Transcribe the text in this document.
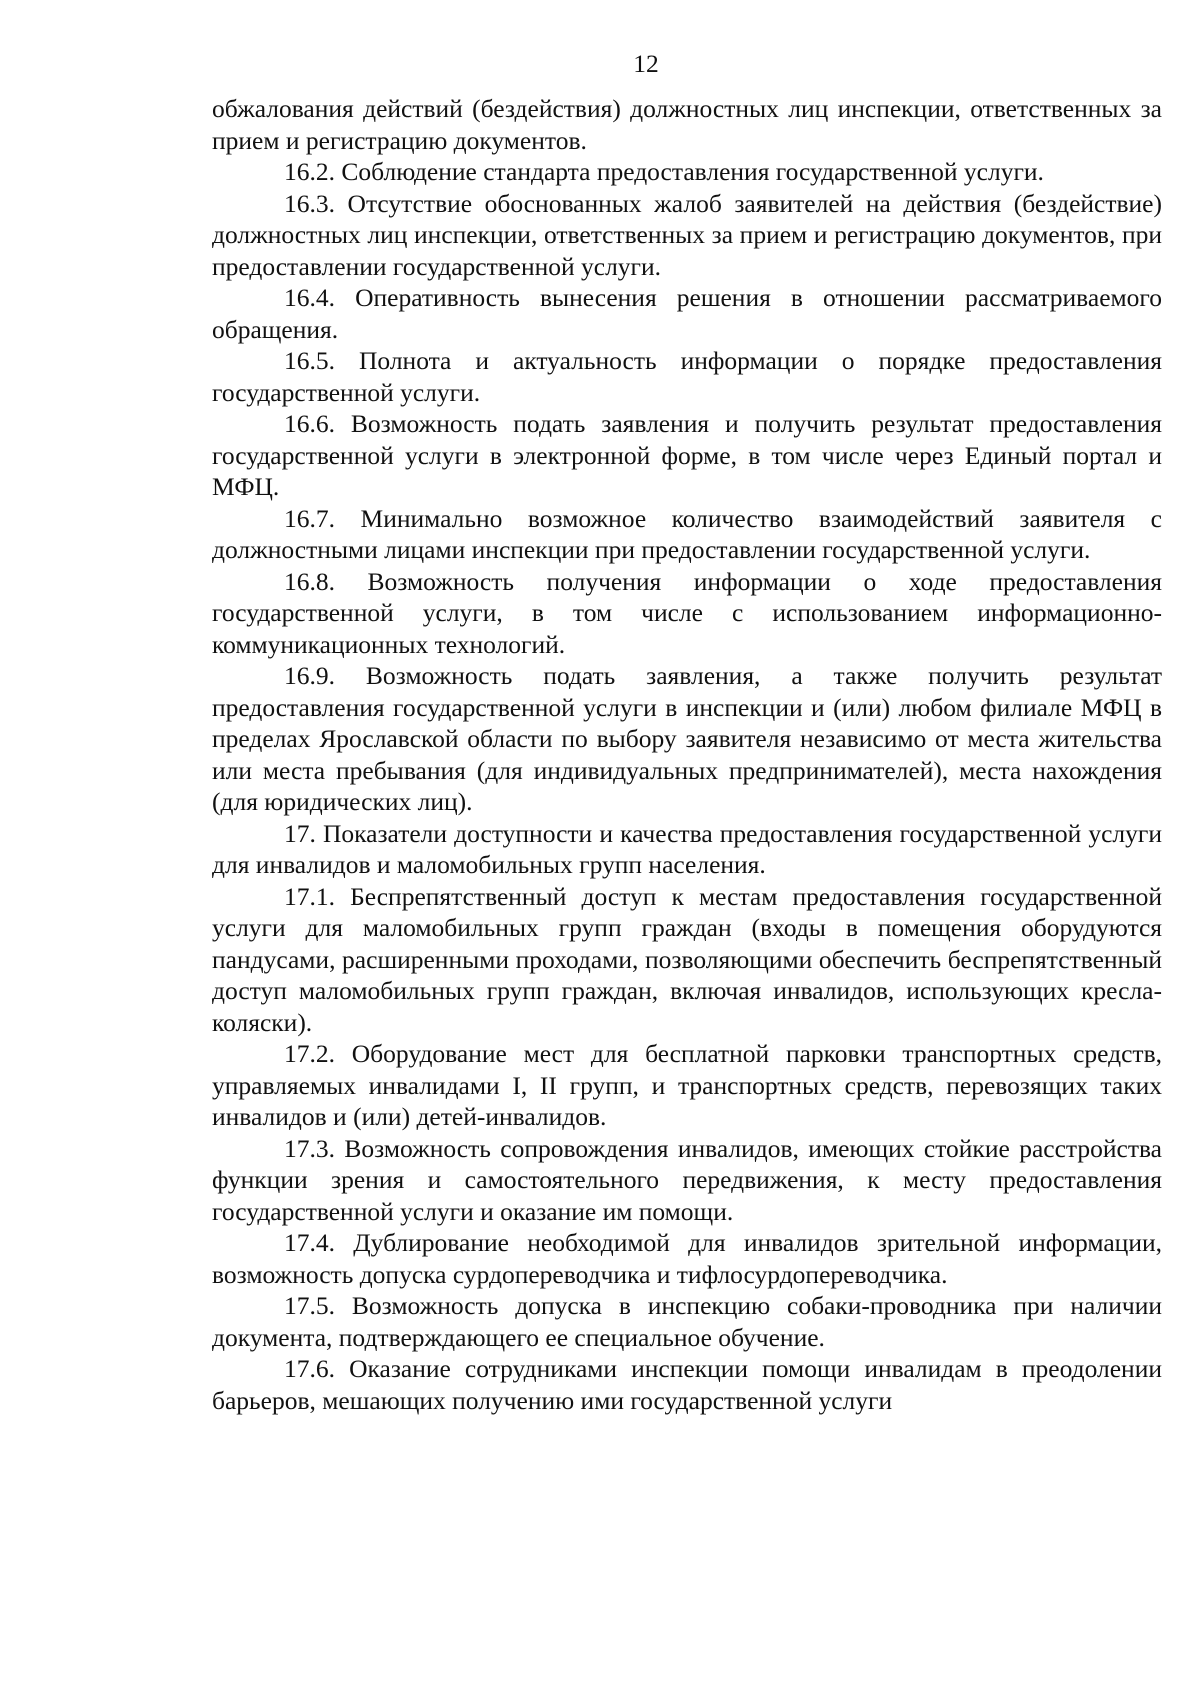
12

обжалования действий (бездействия) должностных лиц инспекции, ответственных за прием и регистрацию документов.

16.2. Соблюдение стандарта предоставления государственной услуги.

16.3. Отсутствие обоснованных жалоб заявителей на действия (бездействие) должностных лиц инспекции, ответственных за прием и регистрацию документов, при предоставлении государственной услуги.

16.4. Оперативность вынесения решения в отношении рассматриваемого обращения.

16.5. Полнота и актуальность информации о порядке предоставления государственной услуги.

16.6. Возможность подать заявления и получить результат предоставления государственной услуги в электронной форме, в том числе через Единый портал и МФЦ.

16.7. Минимально возможное количество взаимодействий заявителя с должностными лицами инспекции при предоставлении государственной услуги.

16.8. Возможность получения информации о ходе предоставления государственной услуги, в том числе с использованием информационно-коммуникационных технологий.

16.9. Возможность подать заявления, а также получить результат предоставления государственной услуги в инспекции и (или) любом филиале МФЦ в пределах Ярославской области по выбору заявителя независимо от места жительства или места пребывания (для индивидуальных предпринимателей), места нахождения (для юридических лиц).

17. Показатели доступности и качества предоставления государственной услуги для инвалидов и маломобильных групп населения.

17.1. Беспрепятственный доступ к местам предоставления государственной услуги для маломобильных групп граждан (входы в помещения оборудуются пандусами, расширенными проходами, позволяющими обеспечить беспрепятственный доступ маломобильных групп граждан, включая инвалидов, использующих кресла-коляски).

17.2. Оборудование мест для бесплатной парковки транспортных средств, управляемых инвалидами I, II групп, и транспортных средств, перевозящих таких инвалидов и (или) детей-инвалидов.

17.3. Возможность сопровождения инвалидов, имеющих стойкие расстройства функции зрения и самостоятельного передвижения, к месту предоставления государственной услуги и оказание им помощи.

17.4. Дублирование необходимой для инвалидов зрительной информации, возможность допуска сурдопереводчика и тифлосурдопереводчика.

17.5. Возможность допуска в инспекцию собаки-проводника при наличии документа, подтверждающего ее специальное обучение.

17.6. Оказание сотрудниками инспекции помощи инвалидам в преодолении барьеров, мешающих получению ими государственной услуги
